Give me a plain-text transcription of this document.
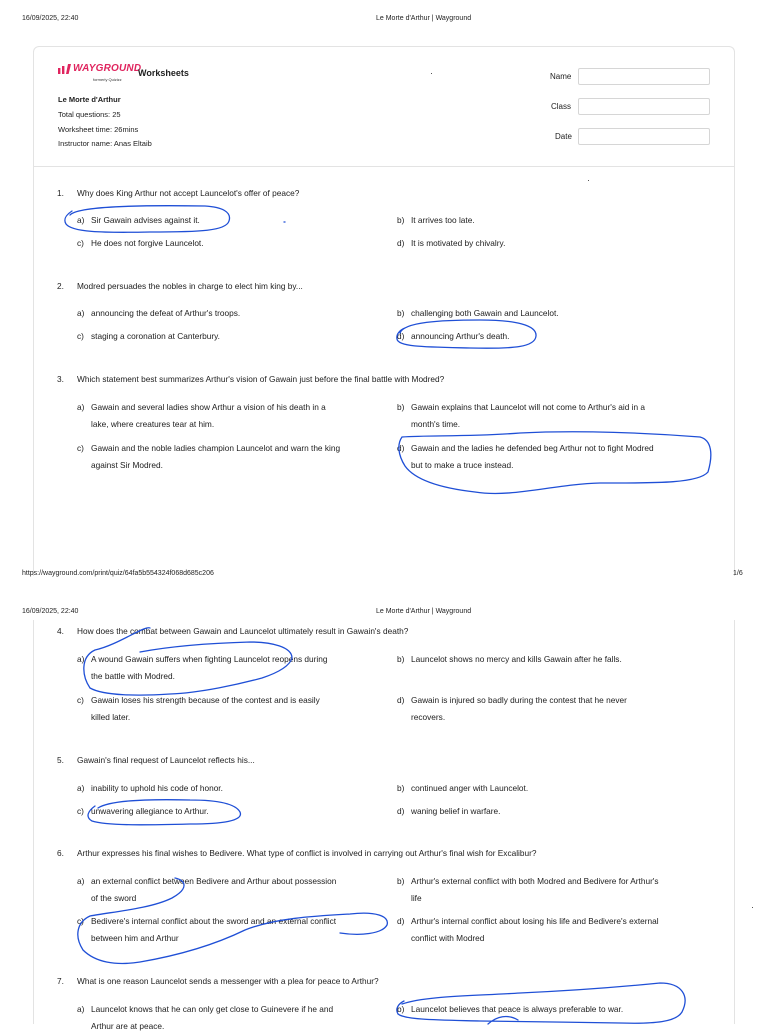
16/09/2025, 22:40	Le Morte d'Arthur | Wayground
WAYGROUND
formerly Quizizz
Worksheets
Le Morte d'Arthur
Total questions: 25
Worksheet time: 26mins
Instructor name: Anas Eltaib
Name
Class
Date
1. Why does King Arthur not accept Launcelot's offer of peace?
a) Sir Gawain advises against it.	b) It arrives too late.
c) He does not forgive Launcelot.	d) It is motivated by chivalry.
2. Modred persuades the nobles in charge to elect him king by...
a) announcing the defeat of Arthur's troops.	b) challenging both Gawain and Launcelot.
c) staging a coronation at Canterbury.	d) announcing Arthur's death.
3. Which statement best summarizes Arthur's vision of Gawain just before the final battle with Modred?
a) Gawain and several ladies show Arthur a vision of his death in a
lake, where creatures tear at him.
b) Gawain explains that Launcelot will not come to Arthur's aid in a
month's time.
c) Gawain and the noble ladies champion Launcelot and warn the king
against Sir Modred.
d) Gawain and the ladies he defended beg Arthur not to fight Modred
but to make a truce instead.
https://wayground.com/print/quiz/64fa5b554324f068d685c206	1/6
16/09/2025, 22:40	Le Morte d'Arthur | Wayground
4. How does the combat between Gawain and Launcelot ultimately result in Gawain's death?
a) A wound Gawain suffers when fighting Launcelot reopens during
the battle with Modred.
b) Launcelot shows no mercy and kills Gawain after he falls.
c) Gawain loses his strength because of the contest and is easily
killed later.
d) Gawain is injured so badly during the contest that he never
recovers.
5. Gawain's final request of Launcelot reflects his...
a) inability to uphold his code of honor.	b) continued anger with Launcelot.
c) unwavering allegiance to Arthur.	d) waning belief in warfare.
6. Arthur expresses his final wishes to Bedivere. What type of conflict is involved in carrying out Arthur's final wish for Excalibur?
a) an external conflict between Bedivere and Arthur about possession
of the sword
b) Arthur's external conflict with both Modred and Bedivere for Arthur's
life
c) Bedivere's internal conflict about the sword and an external conflict
between him and Arthur
d) Arthur's internal conflict about losing his life and Bedivere's external
conflict with Modred
7. What is one reason Launcelot sends a messenger with a plea for peace to Arthur?
a) Launcelot knows that he can only get close to Guinevere if he and
Arthur are at peace.
b) Launcelot believes that peace is always preferable to war.
